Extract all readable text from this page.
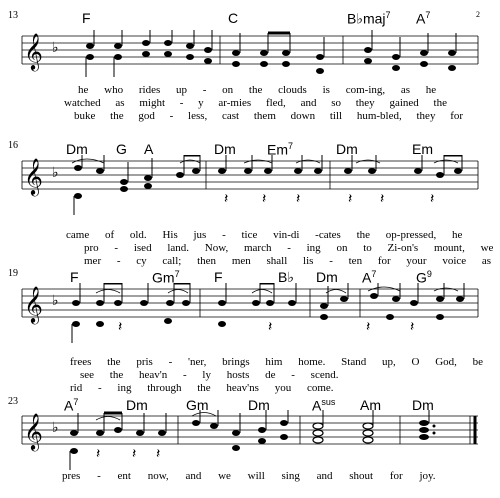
2
13	F	C	B♭maj$^7$ $A^7$
𝄞 ♭
he who rides up - on the clouds is com-ing, as he
watched as might - y ar-mies fled, and so they gained the
buke the god - less, cast them down till hum-bled, they for
16	Dm G A	Dm Em$^7$	Dm	Em
𝄞 ♭
𝄽 𝄽 𝄽	𝄽 𝄽	𝄽
came of old. His jus - tice vin-di -cates the op-pressed, he
pro - ised land. Now, march - ing on to Zi-on's mount, we
mer - cy call; then men shall lis - ten for your voice as
19	F	Gm$^7$ F	B♭ Dm $A^7$	$G^9$
𝄞 ♭
𝄽	𝄽	𝄽	𝄽
frees the pris - 'ner, brings him home. Stand up, O God, be
see the heav'n - ly hosts de - scend.
rid - ing through the heav'ns you come.
23	$A^7$	Dm	Gm	Dm	$A^{sus}$ Am Dm
𝄞 ♭
𝄽 𝄽 𝄽
pres - ent now, and we will sing and shout for joy.
